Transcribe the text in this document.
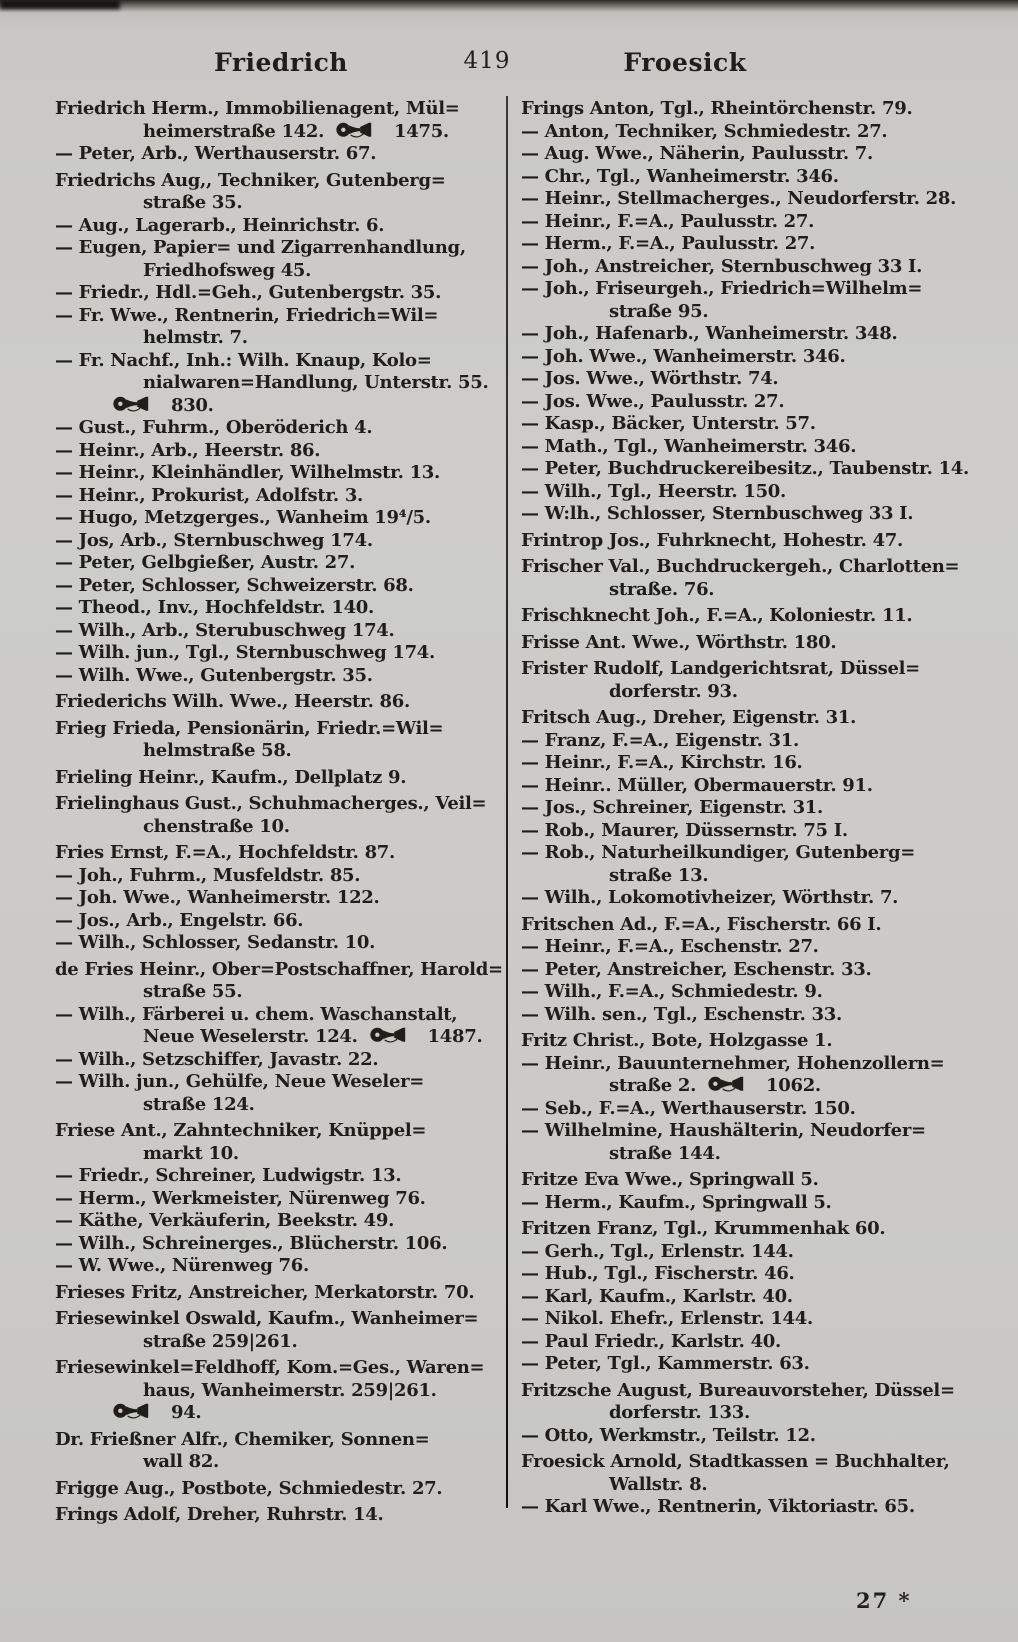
Friedrich	419	Froesick
Friedrich Herm., Immobilienagent, Mül=
heimerstraße 142.	1475.
— Peter, Arb., Werthauserstr. 67.
Friedrichs Aug,, Techniker, Gutenberg=
straße 35.
— Aug., Lagerarb., Heinrichstr. 6.
— Eugen, Papier= und Zigarrenhandlung,
Friedhofsweg 45.
— Friedr., Hdl.=Geh., Gutenbergstr. 35.
— Fr. Wwe., Rentnerin, Friedrich=Wil=
helmstr. 7.
— Fr. Nachf., Inh.: Wilh. Knaup, Kolo=
nialwaren=Handlung, Unterstr. 55.
830.
— Gust., Fuhrm., Oberöderich 4.
— Heinr., Arb., Heerstr. 86.
— Heinr., Kleinhändler, Wilhelmstr. 13.
— Heinr., Prokurist, Adolfstr. 3.
— Hugo, Metzgerges., Wanheim 19⁴/5.
— Jos, Arb., Sternbuschweg 174.
— Peter, Gelbgießer, Austr. 27.
— Peter, Schlosser, Schweizerstr. 68.
— Theod., Inv., Hochfeldstr. 140.
— Wilh., Arb., Sterubuschweg 174.
— Wilh. jun., Tgl., Sternbuschweg 174.
— Wilh. Wwe., Gutenbergstr. 35.
Friederichs Wilh. Wwe., Heerstr. 86.
Frieg Frieda, Pensionärin, Friedr.=Wil=
helmstraße 58.
Frieling Heinr., Kaufm., Dellplatz 9.
Frielinghaus Gust., Schuhmacherges., Veil=
chenstraße 10.
Fries Ernst, F.=A., Hochfeldstr. 87.
— Joh., Fuhrm., Musfeldstr. 85.
— Joh. Wwe., Wanheimerstr. 122.
— Jos., Arb., Engelstr. 66.
— Wilh., Schlosser, Sedanstr. 10.
de Fries Heinr., Ober=Postschaffner, Harold=
straße 55.
— Wilh., Färberei u. chem. Waschanstalt,
Neue Weselerstr. 124.	1487.
— Wilh., Setzschiffer, Javastr. 22.
— Wilh. jun., Gehülfe, Neue Weseler=
straße 124.
Friese Ant., Zahntechniker, Knüppel=
markt 10.
— Friedr., Schreiner, Ludwigstr. 13.
— Herm., Werkmeister, Nürenweg 76.
— Käthe, Verkäuferin, Beekstr. 49.
— Wilh., Schreinerges., Blücherstr. 106.
— W. Wwe., Nürenweg 76.
Frieses Fritz, Anstreicher, Merkatorstr. 70.
Friesewinkel Oswald, Kaufm., Wanheimer=
straße 259|261.
Friesewinkel=Feldhoff, Kom.=Ges., Waren=
haus, Wanheimerstr. 259|261.
94.
Dr. Frießner Alfr., Chemiker, Sonnen=
wall 82.
Frigge Aug., Postbote, Schmiedestr. 27.
Frings Adolf, Dreher, Ruhrstr. 14.
Frings Anton, Tgl., Rheintörchenstr. 79.
— Anton, Techniker, Schmiedestr. 27.
— Aug. Wwe., Näherin, Paulusstr. 7.
— Chr., Tgl., Wanheimerstr. 346.
— Heinr., Stellmacherges., Neudorferstr. 28.
— Heinr., F.=A., Paulusstr. 27.
— Herm., F.=A., Paulusstr. 27.
— Joh., Anstreicher, Sternbuschweg 33 I.
— Joh., Friseurgeh., Friedrich=Wilhelm=
straße 95.
— Joh., Hafenarb., Wanheimerstr. 348.
— Joh. Wwe., Wanheimerstr. 346.
— Jos. Wwe., Wörthstr. 74.
— Jos. Wwe., Paulusstr. 27.
— Kasp., Bäcker, Unterstr. 57.
— Math., Tgl., Wanheimerstr. 346.
— Peter, Buchdruckereibesitz., Taubenstr. 14.
— Wilh., Tgl., Heerstr. 150.
— W:lh., Schlosser, Sternbuschweg 33 I.
Frintrop Jos., Fuhrknecht, Hohestr. 47.
Frischer Val., Buchdruckergeh., Charlotten=
straße. 76.
Frischknecht Joh., F.=A., Koloniestr. 11.
Frisse Ant. Wwe., Wörthstr. 180.
Frister Rudolf, Landgerichtsrat, Düssel=
dorferstr. 93.
Fritsch Aug., Dreher, Eigenstr. 31.
— Franz, F.=A., Eigenstr. 31.
— Heinr., F.=A., Kirchstr. 16.
— Heinr.. Müller, Obermauerstr. 91.
— Jos., Schreiner, Eigenstr. 31.
— Rob., Maurer, Düssernstr. 75 I.
— Rob., Naturheilkundiger, Gutenberg=
straße 13.
— Wilh., Lokomotivheizer, Wörthstr. 7.
Fritschen Ad., F.=A., Fischerstr. 66 I.
— Heinr., F.=A., Eschenstr. 27.
— Peter, Anstreicher, Eschenstr. 33.
— Wilh., F.=A., Schmiedestr. 9.
— Wilh. sen., Tgl., Eschenstr. 33.
Fritz Christ., Bote, Holzgasse 1.
— Heinr., Bauunternehmer, Hohenzollern=
straße 2.	1062.
— Seb., F.=A., Werthauserstr. 150.
— Wilhelmine, Haushälterin, Neudorfer=
straße 144.
Fritze Eva Wwe., Springwall 5.
— Herm., Kaufm., Springwall 5.
Fritzen Franz, Tgl., Krummenhak 60.
— Gerh., Tgl., Erlenstr. 144.
— Hub., Tgl., Fischerstr. 46.
— Karl, Kaufm., Karlstr. 40.
— Nikol. Ehefr., Erlenstr. 144.
— Paul Friedr., Karlstr. 40.
— Peter, Tgl., Kammerstr. 63.
Fritzsche August, Bureauvorsteher, Düssel=
dorferstr. 133.
— Otto, Werkmstr., Teilstr. 12.
Froesick Arnold, Stadtkassen = Buchhalter,
Wallstr. 8.
— Karl Wwe., Rentnerin, Viktoriastr. 65.
27 *
